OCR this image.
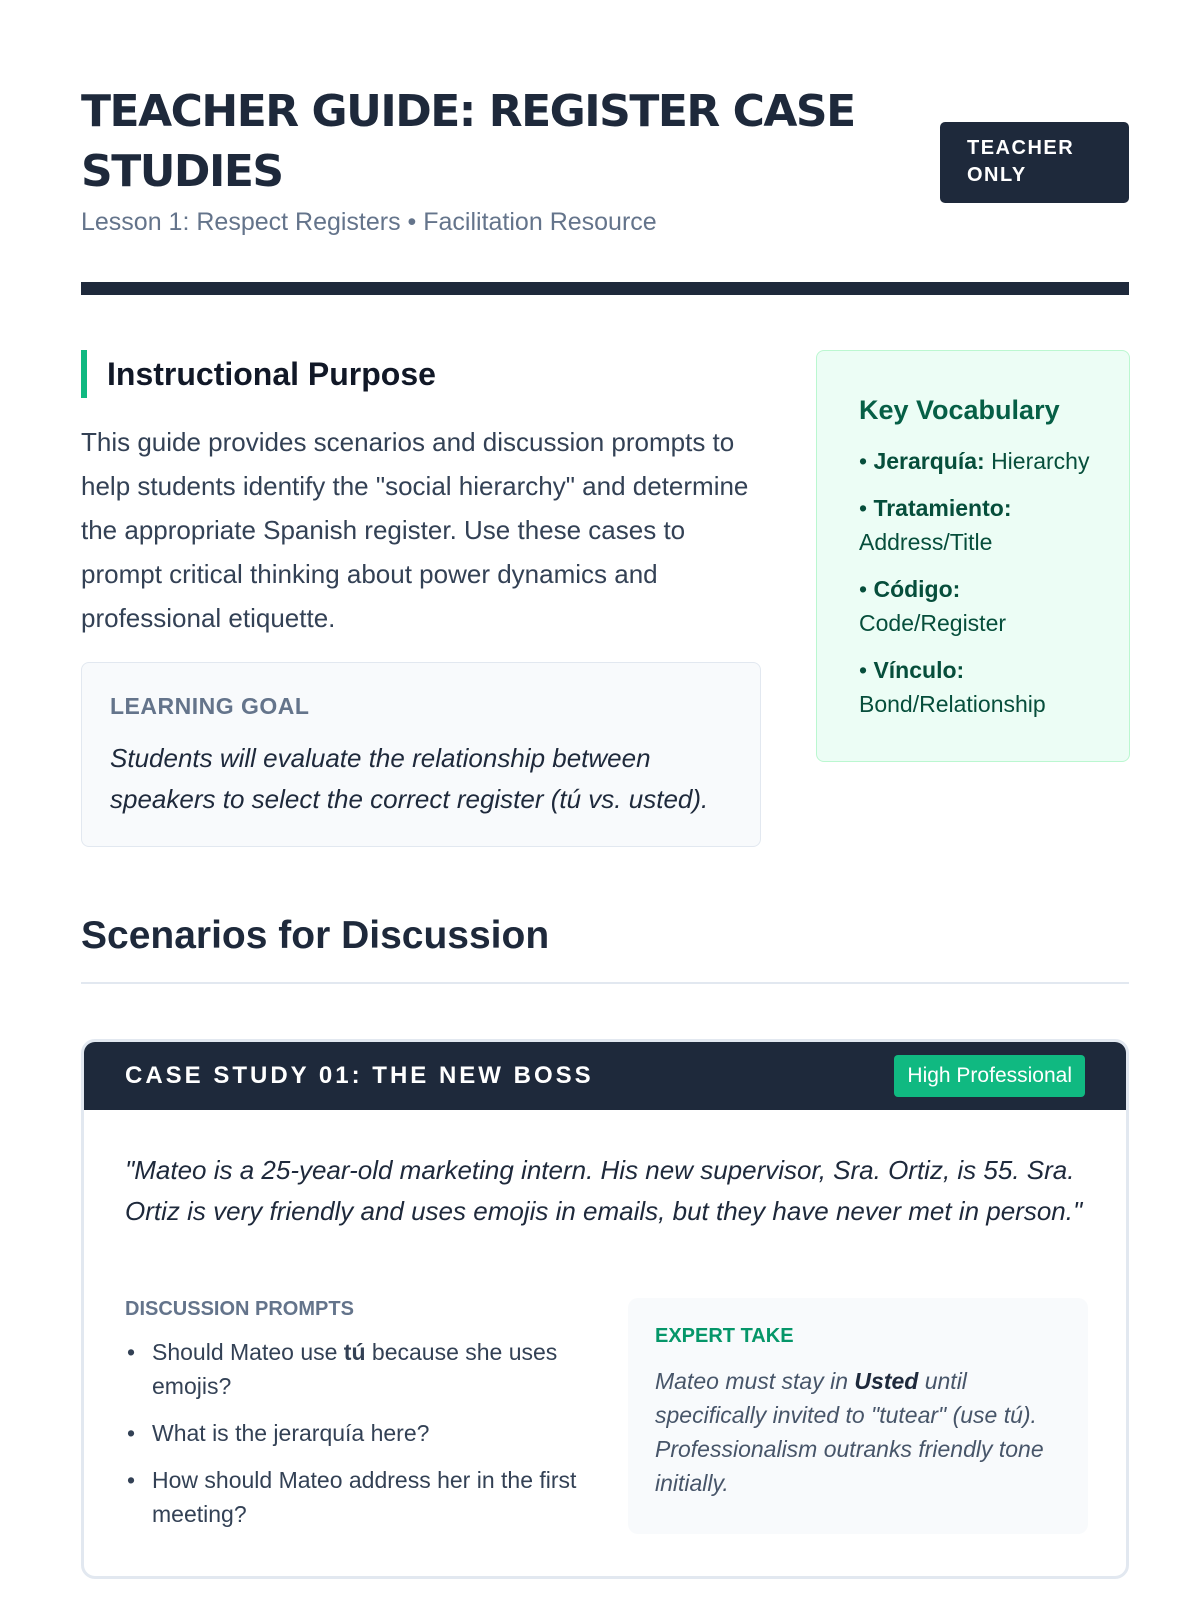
TEACHER GUIDE: REGISTER CASE STUDIES
Lesson 1: Respect Registers • Facilitation Resource
TEACHER
ONLY
Instructional Purpose

This guide provides scenarios and discussion prompts to help students identify the "social hierarchy" and determine the appropriate Spanish register. Use these cases to prompt critical thinking about power dynamics and professional etiquette.

LEARNING GOAL

Students will evaluate the relationship between speakers to select the correct register (tú vs. usted).

Key Vocabulary
• Jerarquía: Hierarchy
• Tratamiento:
Address/Title
• Código:
Code/Register
• Vínculo:
Bond/Relationship
Scenarios for Discussion
CASE STUDY 01: THE NEW BOSS	High Professional

"Mateo is a 25-year-old marketing intern. His new supervisor, Sra. Ortiz, is 55. Sra. Ortiz is very friendly and uses emojis in emails, but they have never met in person."

DISCUSSION PROMPTS
• Should Mateo use tú because she uses emojis?
• What is the jerarquía here?
• How should Mateo address her in the first meeting?
EXPERT TAKE

Mateo must stay in Usted until specifically invited to "tutear" (use tú). Professionalism outranks friendly tone initially.
